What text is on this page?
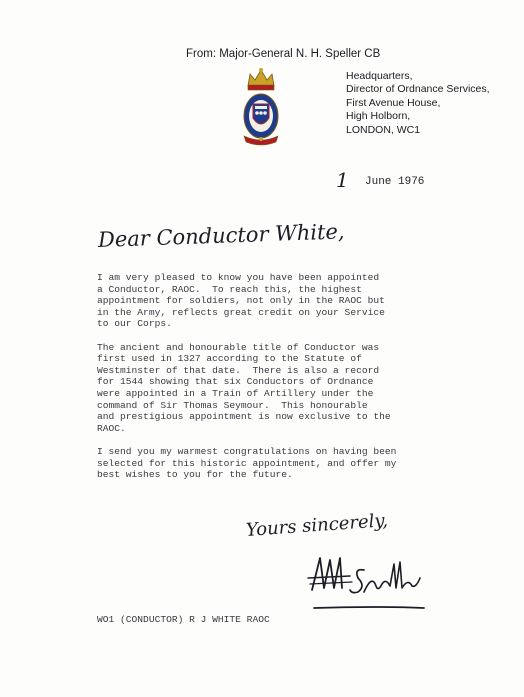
From: Major-General N. H. Speller CB
Headquarters,
Director of Ordnance Services,
First Avenue House,
High Holborn,
LONDON, WC1
1 June 1976
Dear Conductor White,

I am very pleased to know you have been appointed
a Conductor, RAOC.  To reach this, the highest
appointment for soldiers, not only in the RAOC but
in the Army, reflects great credit on your Service
to our Corps.

The ancient and honourable title of Conductor was
first used in 1327 according to the Statute of
Westminster of that date.  There is also a record
for 1544 showing that six Conductors of Ordnance
were appointed in a Train of Artillery under the
command of Sir Thomas Seymour.  This honourable
and prestigious appointment is now exclusive to the
RAOC.

I send you my warmest congratulations on having been
selected for this historic appointment, and offer my
best wishes to you for the future.

Yours sincerely,
WO1 (CONDUCTOR) R J WHITE RAOC
